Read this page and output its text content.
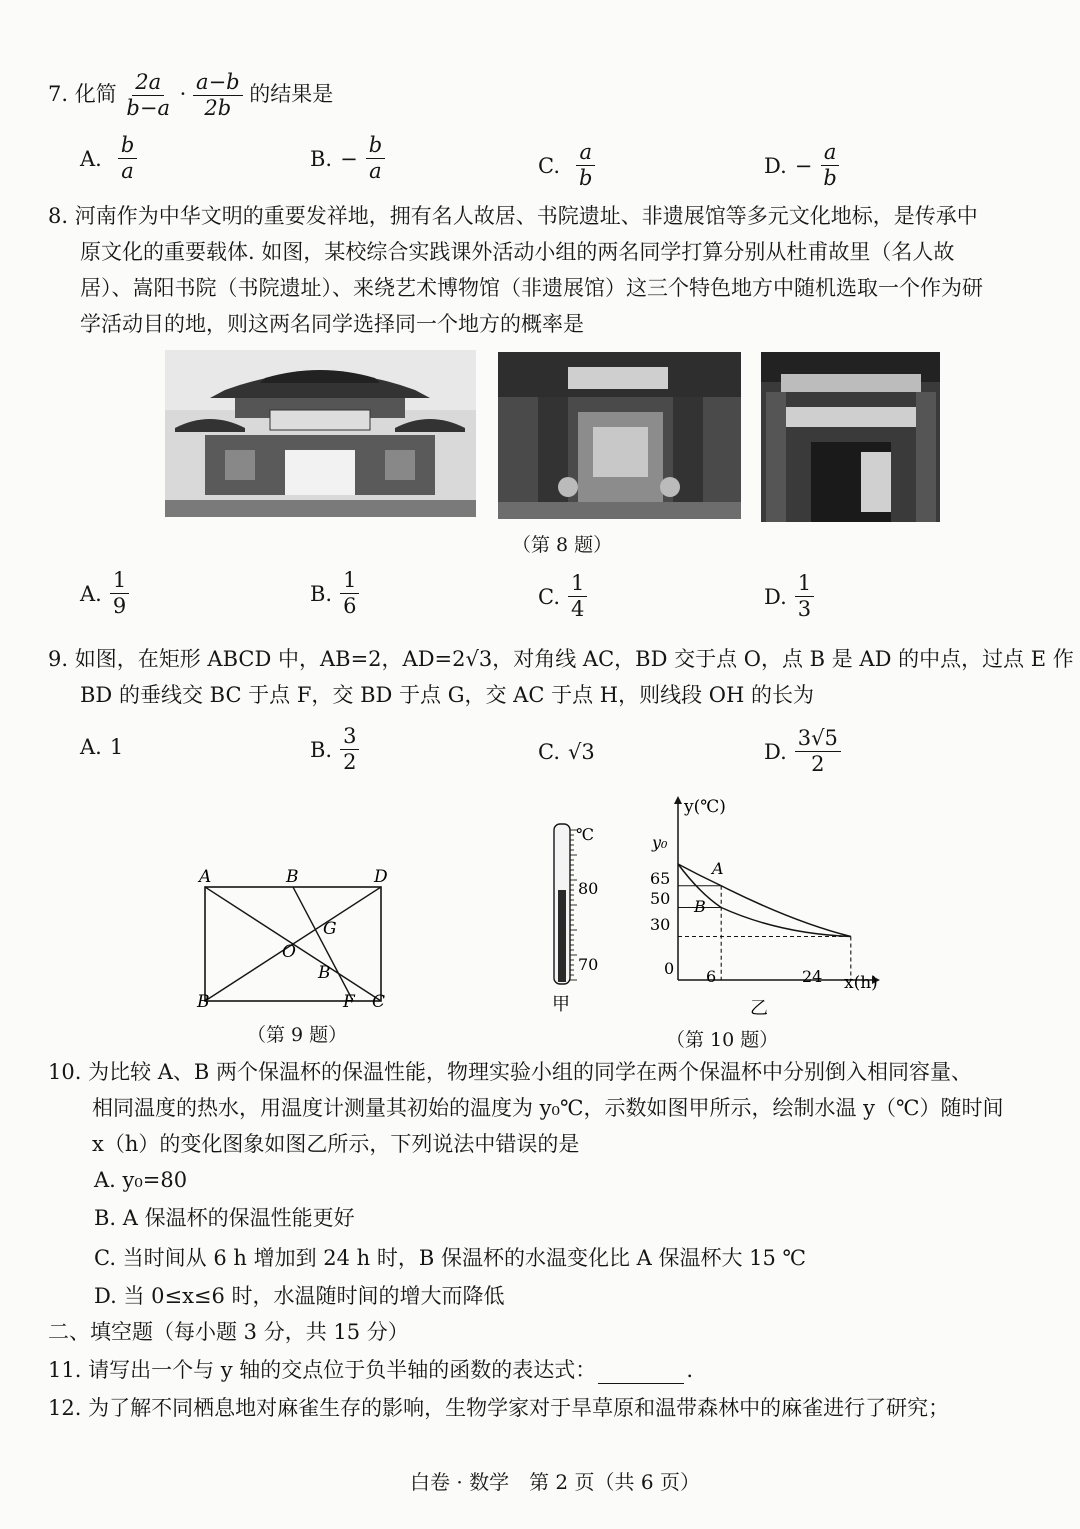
7. 化简 $\frac{2a}{b-a} \cdot \frac{a-b}{2b}$ 的结果是
A. $\frac{b}{a}$	B. − $\frac{b}{a}$	C. $\frac{a}{b}$	D. − $\frac{a}{b}$
8. 河南作为中华文明的重要发祥地，拥有名人故居、书院遗址、非遗展馆等多元文化地标，是传承中
原文化的重要载体. 如图，某校综合实践课外活动小组的两名同学打算分别从杜甫故里（名人故
居）、嵩阳书院（书院遗址）、来绕艺术博物馆（非遗展馆）这三个特色地方中随机选取一个作为研
学活动目的地，则这两名同学选择同一个地方的概率是
（第 8 题）
A. $\frac{1}{9}$	B. $\frac{1}{6}$	C. $\frac{1}{4}$	D. $\frac{1}{3}$
9. 如图，在矩形 ABCD 中，AB=2，AD=2√3，对角线 AC，BD 交于点 O，点 B 是 AD 的中点，过点 E 作
BD 的垂线交 BC 于点 F，交 BD 于点 G，交 AC 于点 H，则线段 OH 的长为
A. 1	B. $\frac{3}{2}$	C. √3	D. $\frac{3√5}{2}$
A	B	D
G
O
B
B	F C
（第 9 题）
℃
80
70
甲
y(℃)
x(h)
y₀
65
50
30
0 6	24
A
B
乙
（第 10 题）
10. 为比较 A、B 两个保温杯的保温性能，物理实验小组的同学在两个保温杯中分别倒入相同容量、
相同温度的热水，用温度计测量其初始的温度为 y₀℃，示数如图甲所示，绘制水温 y（℃）随时间
x（h）的变化图象如图乙所示，下列说法中错误的是
A. y₀=80
B. A 保温杯的保温性能更好
C. 当时间从 6 h 增加到 24 h 时，B 保温杯的水温变化比 A 保温杯大 15 ℃
D. 当 0≤x≤6 时，水温随时间的增大而降低
二、填空题（每小题 3 分，共 15 分）
11. 请写出一个与 y 轴的交点位于负半轴的函数的表达式：	.
12. 为了解不同栖息地对麻雀生存的影响，生物学家对于旱草原和温带森林中的麻雀进行了研究；
白卷 · 数学　第 2 页（共 6 页）
